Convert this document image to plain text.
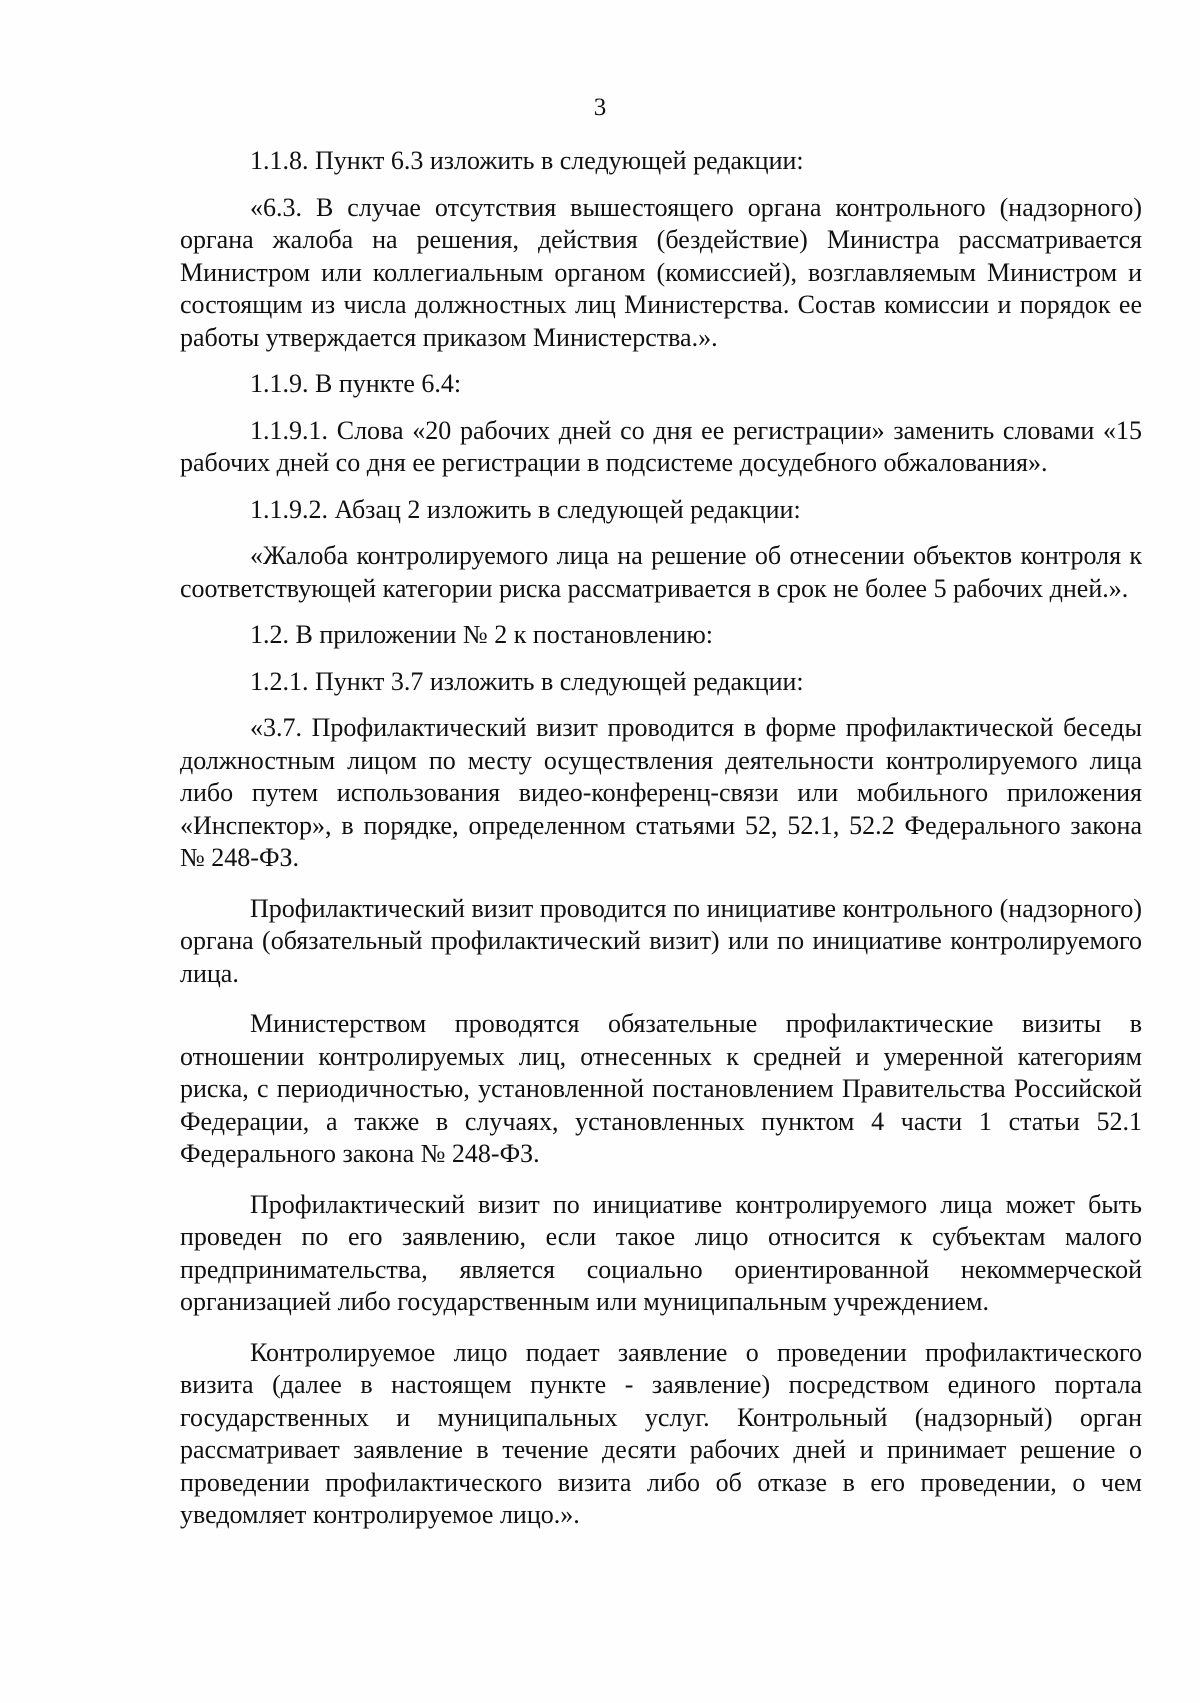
3

1.1.8. Пункт 6.3 изложить в следующей редакции:

«6.3. В случае отсутствия вышестоящего органа контрольного (надзорного) органа жалоба на решения, действия (бездействие) Министра рассматривается Министром или коллегиальным органом (комиссией), возглавляемым Министром и состоящим из числа должностных лиц Министерства. Состав комиссии и порядок ее работы утверждается приказом Министерства.».

1.1.9. В пункте 6.4:

1.1.9.1. Слова «20 рабочих дней со дня ее регистрации» заменить словами «15 рабочих дней со дня ее регистрации в подсистеме досудебного обжалования».

1.1.9.2. Абзац 2 изложить в следующей редакции:

«Жалоба контролируемого лица на решение об отнесении объектов контроля к соответствующей категории риска рассматривается в срок не более 5 рабочих дней.».

1.2. В приложении № 2 к постановлению:

1.2.1. Пункт 3.7 изложить в следующей редакции:

«3.7. Профилактический визит проводится в форме профилактической беседы должностным лицом по месту осуществления деятельности контролируемого лица либо путем использования видео-конференц-связи или мобильного приложения «Инспектор», в порядке, определенном статьями 52, 52.1, 52.2 Федерального закона № 248-ФЗ.

Профилактический визит проводится по инициативе контрольного (надзорного) органа (обязательный профилактический визит) или по инициативе контролируемого лица.

Министерством проводятся обязательные профилактические визиты в отношении контролируемых лиц, отнесенных к средней и умеренной категориям риска, с периодичностью, установленной постановлением Правительства Российской Федерации, а также в случаях, установленных пунктом 4 части 1 статьи 52.1 Федерального закона № 248-ФЗ.

Профилактический визит по инициативе контролируемого лица может быть проведен по его заявлению, если такое лицо относится к субъектам малого предпринимательства, является социально ориентированной некоммерческой организацией либо государственным или муниципальным учреждением.

Контролируемое лицо подает заявление о проведении профилактического визита (далее в настоящем пункте - заявление) посредством единого портала государственных и муниципальных услуг. Контрольный (надзорный) орган рассматривает заявление в течение десяти рабочих дней и принимает решение о проведении профилактического визита либо об отказе в его проведении, о чем уведомляет контролируемое лицо.».
